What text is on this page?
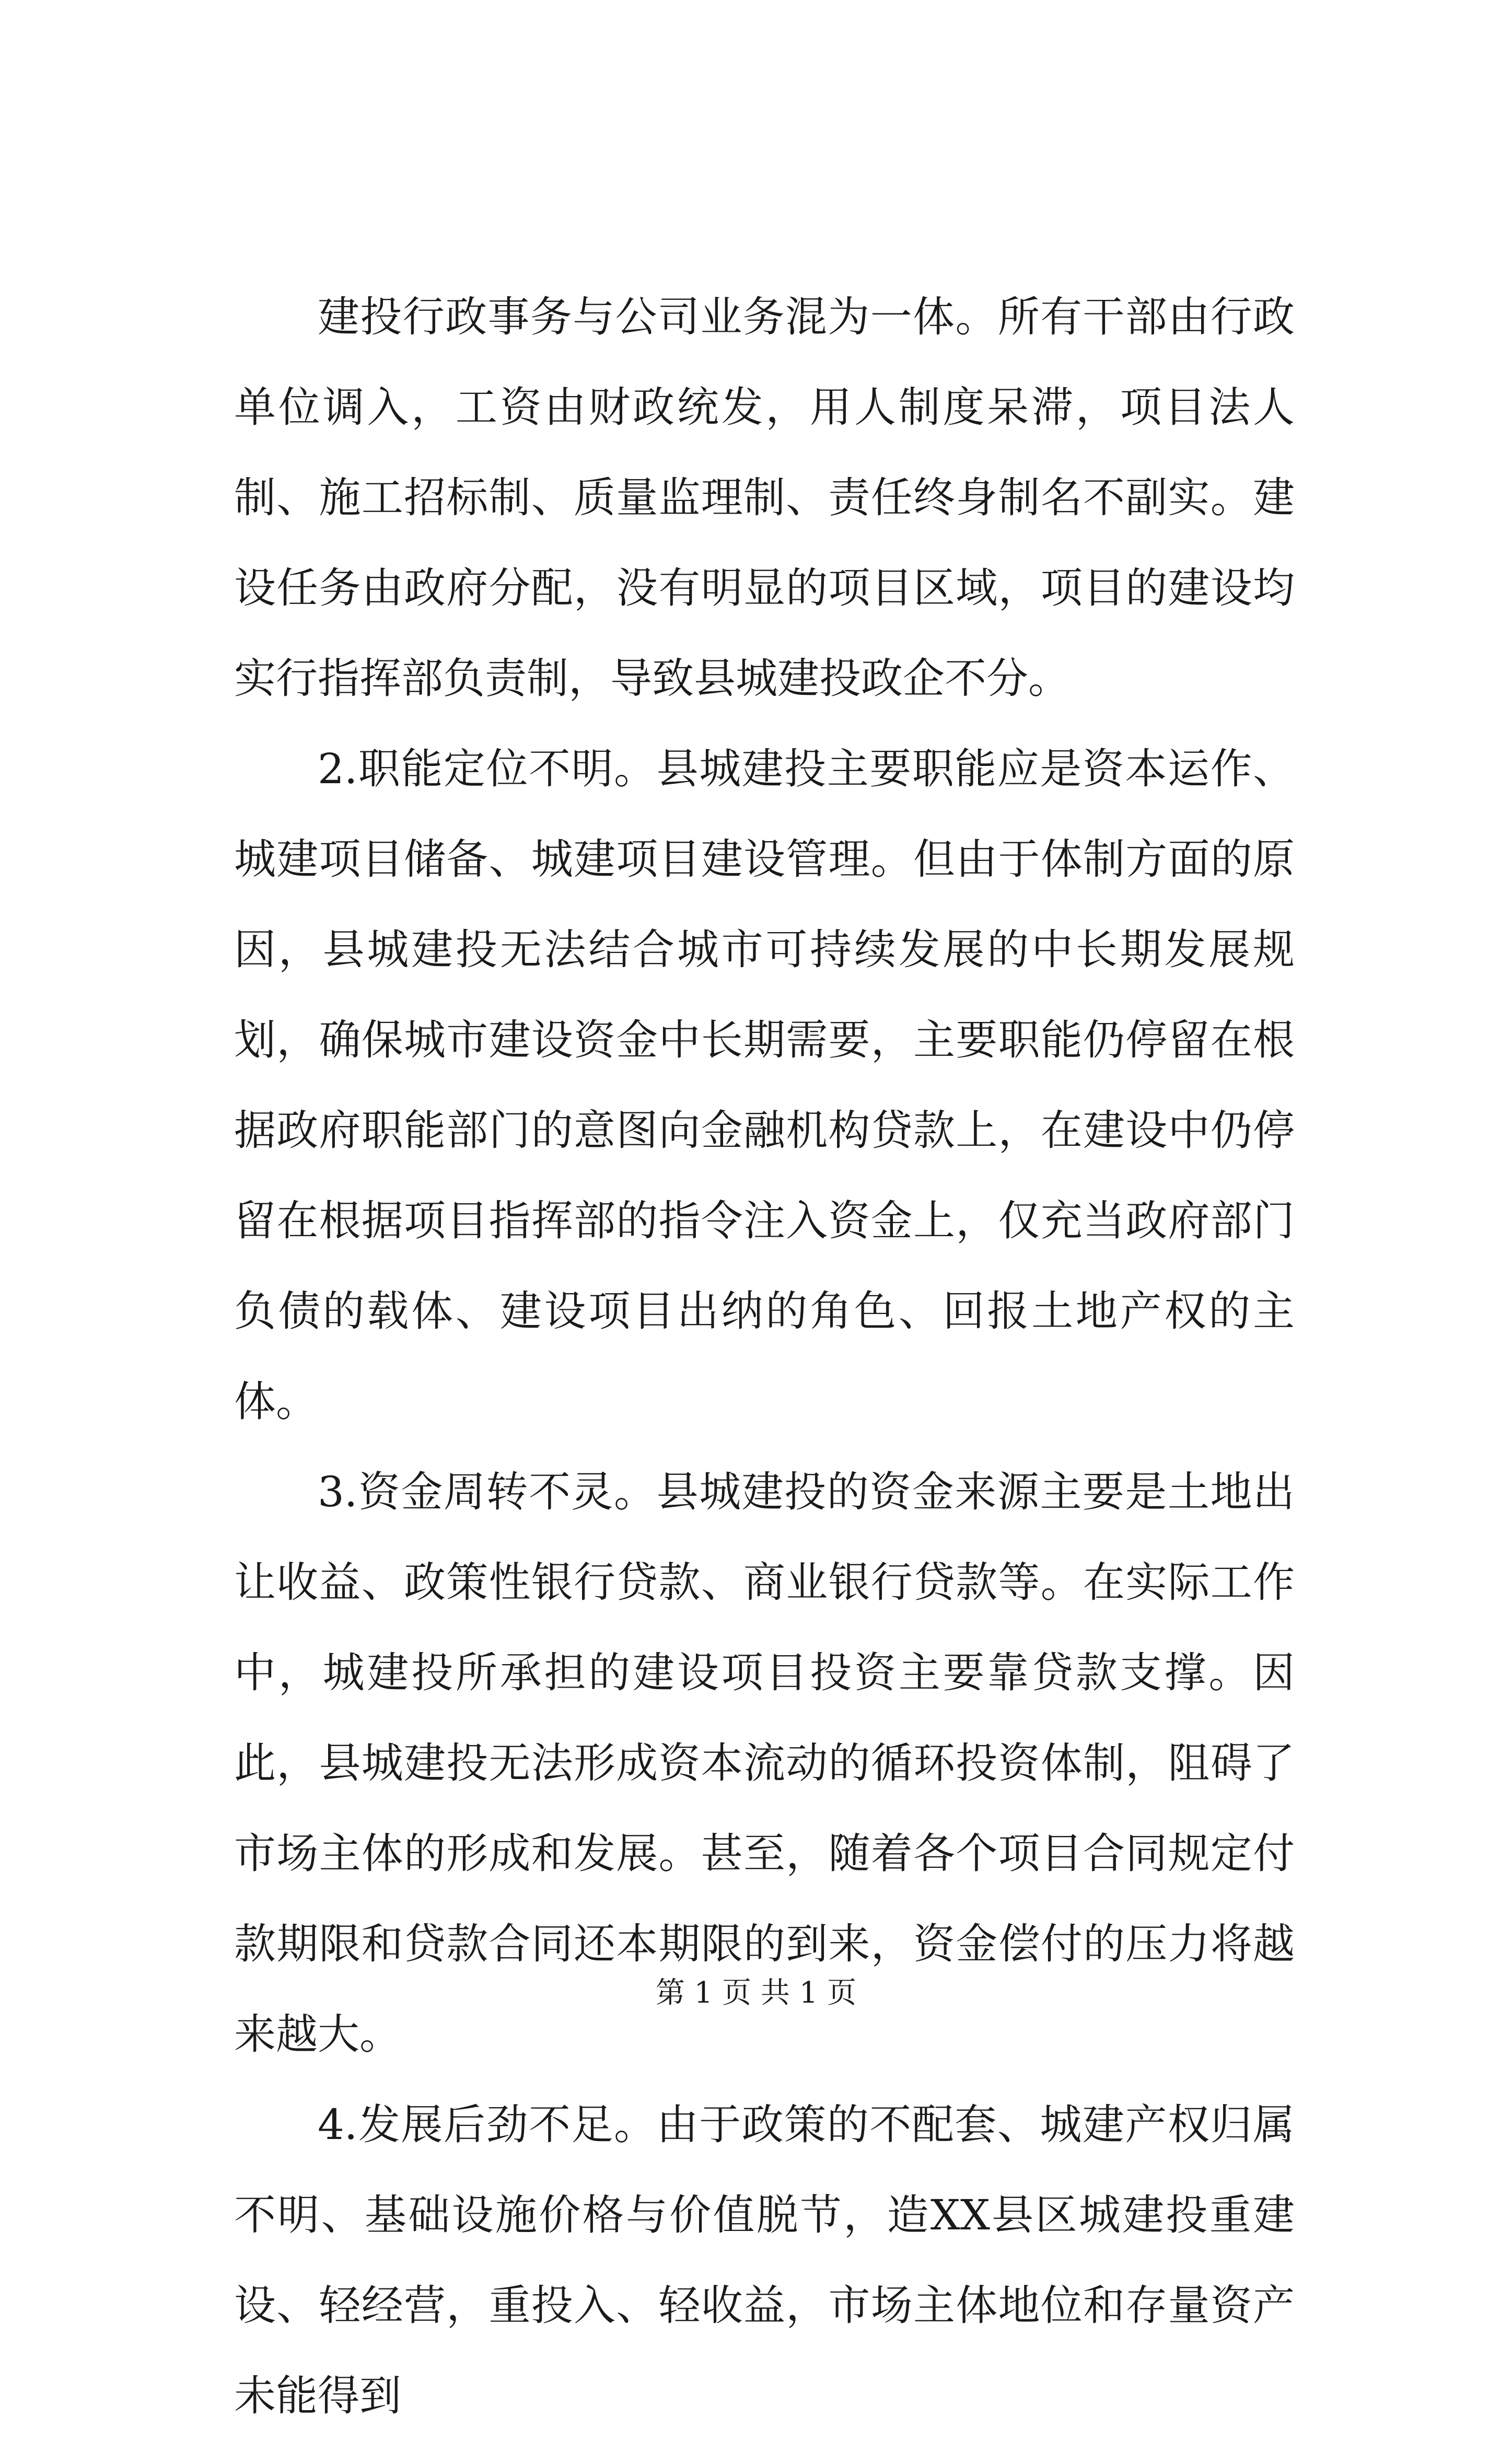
建投行政事务与公司业务混为一体。所有干部由行政单位调入，工资由财政统发，用人制度呆滞，项目法人制、施工招标制、质量监理制、责任终身制名不副实。建设任务由政府分配，没有明显的项目区域，项目的建设均实行指挥部负责制，导致县城建投政企不分。

2.职能定位不明。县城建投主要职能应是资本运作、城建项目储备、城建项目建设管理。但由于体制方面的原因，县城建投无法结合城市可持续发展的中长期发展规划，确保城市建设资金中长期需要，主要职能仍停留在根据政府职能部门的意图向金融机构贷款上，在建设中仍停留在根据项目指挥部的指令注入资金上，仅充当政府部门负债的载体、建设项目出纳的角色、回报土地产权的主体。

3.资金周转不灵。县城建投的资金来源主要是土地出让收益、政策性银行贷款、商业银行贷款等。在实际工作中，城建投所承担的建设项目投资主要靠贷款支撑。因此，县城建投无法形成资本流动的循环投资体制，阻碍了市场主体的形成和发展。甚至，随着各个项目合同规定付款期限和贷款合同还本期限的到来，资金偿付的压力将越来越大。

4.发展后劲不足。由于政策的不配套、城建产权归属不明、基础设施价格与价值脱节，造XX县区城建投重建设、轻经营，重投入、轻收益，市场主体地位和存量资产未能得到

第 1 页 共 1 页
